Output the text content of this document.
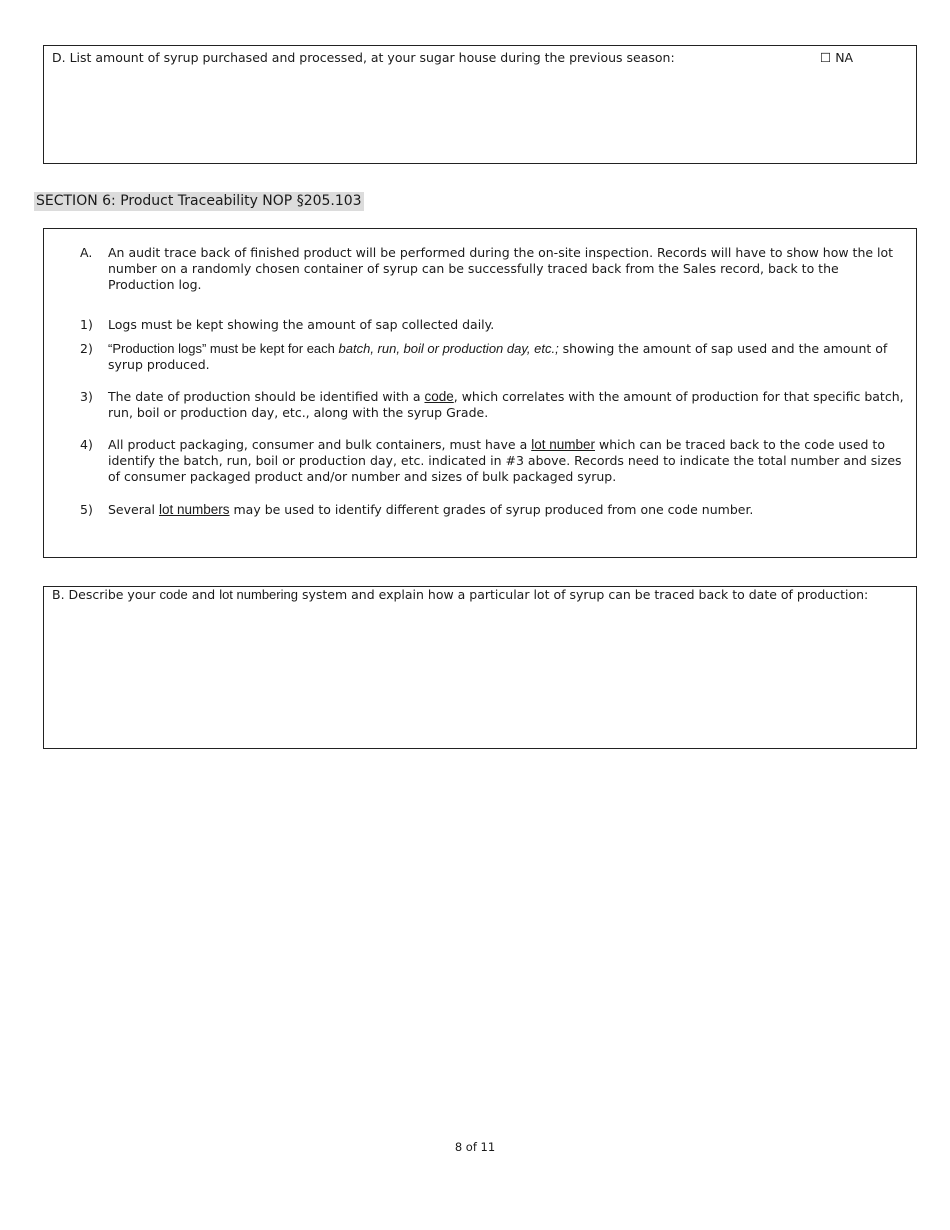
D. List amount of syrup purchased and processed, at your sugar house during the previous season:	☐ NA
SECTION 6: Product Traceability NOP §205.103
A.	An audit trace back of finished product will be performed during the on-site inspection. Records will have to show how the lot number on a randomly chosen container of syrup can be successfully traced back from the Sales record, back to the Production log.
1)	Logs must be kept showing the amount of sap collected daily.
2)	“Production logs” must be kept for each batch, run, boil or production day, etc.; showing the amount of sap used and the amount of syrup produced.
3)	The date of production should be identified with a code, which correlates with the amount of production for that specific batch, run, boil or production day, etc., along with the syrup Grade.
4)	All product packaging, consumer and bulk containers, must have a lot number which can be traced back to the code used to identify the batch, run, boil or production day, etc. indicated in #3 above. Records need to indicate the total number and sizes of consumer packaged product and/or number and sizes of bulk packaged syrup.
5)	Several lot numbers may be used to identify different grades of syrup produced from one code number.
B. Describe your code and lot numbering system and explain how a particular lot of syrup can be traced back to date of production:
8 of 11
